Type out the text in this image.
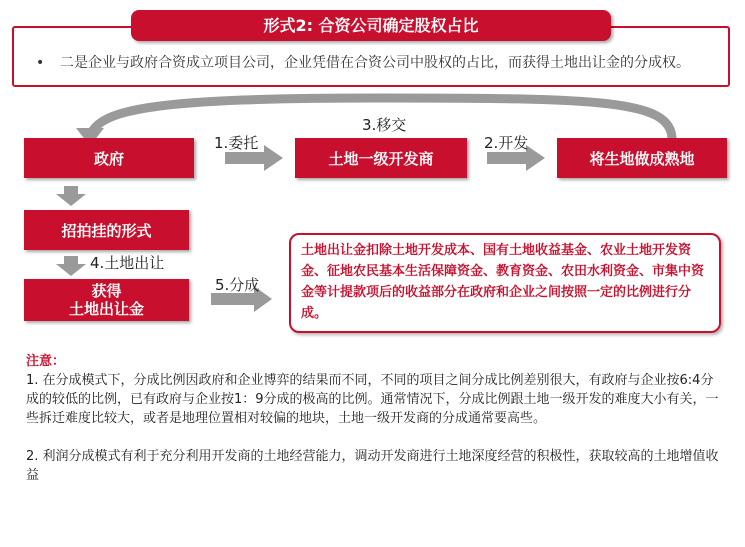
形式2: 合资公司确定股权占比
• 二是企业与政府合资成立项目公司，企业凭借在合资公司中股权的占比，而获得土地出让金的分成权。
政府	土地一级开发商	将生地做成熟地
招拍挂的形式
获得
土地出让金
1.委托	2.开发
3.移交
4.土地出让
5.分成
土地出让金扣除土地开发成本、国有土地收益基金、农业土地开发资金、征地农民基本生活保障资金、教育资金、农田水利资金、市集中资金等计提款项后的收益部分在政府和企业之间按照一定的比例进行分成。

注意：

1. 在分成模式下，分成比例因政府和企业博弈的结果而不同，不同的项目之间分成比例差别很大，有政府与企业按6:4分成的较低的比例，已有政府与企业按1：9分成的极高的比例。通常情况下，分成比例跟土地一级开发的难度大小有关，一些拆迁难度比较大，或者是地理位置相对较偏的地块，土地一级开发商的分成通常要高些。

2. 利润分成模式有利于充分利用开发商的土地经营能力，调动开发商进行土地深度经营的积极性，获取较高的土地增值收益
